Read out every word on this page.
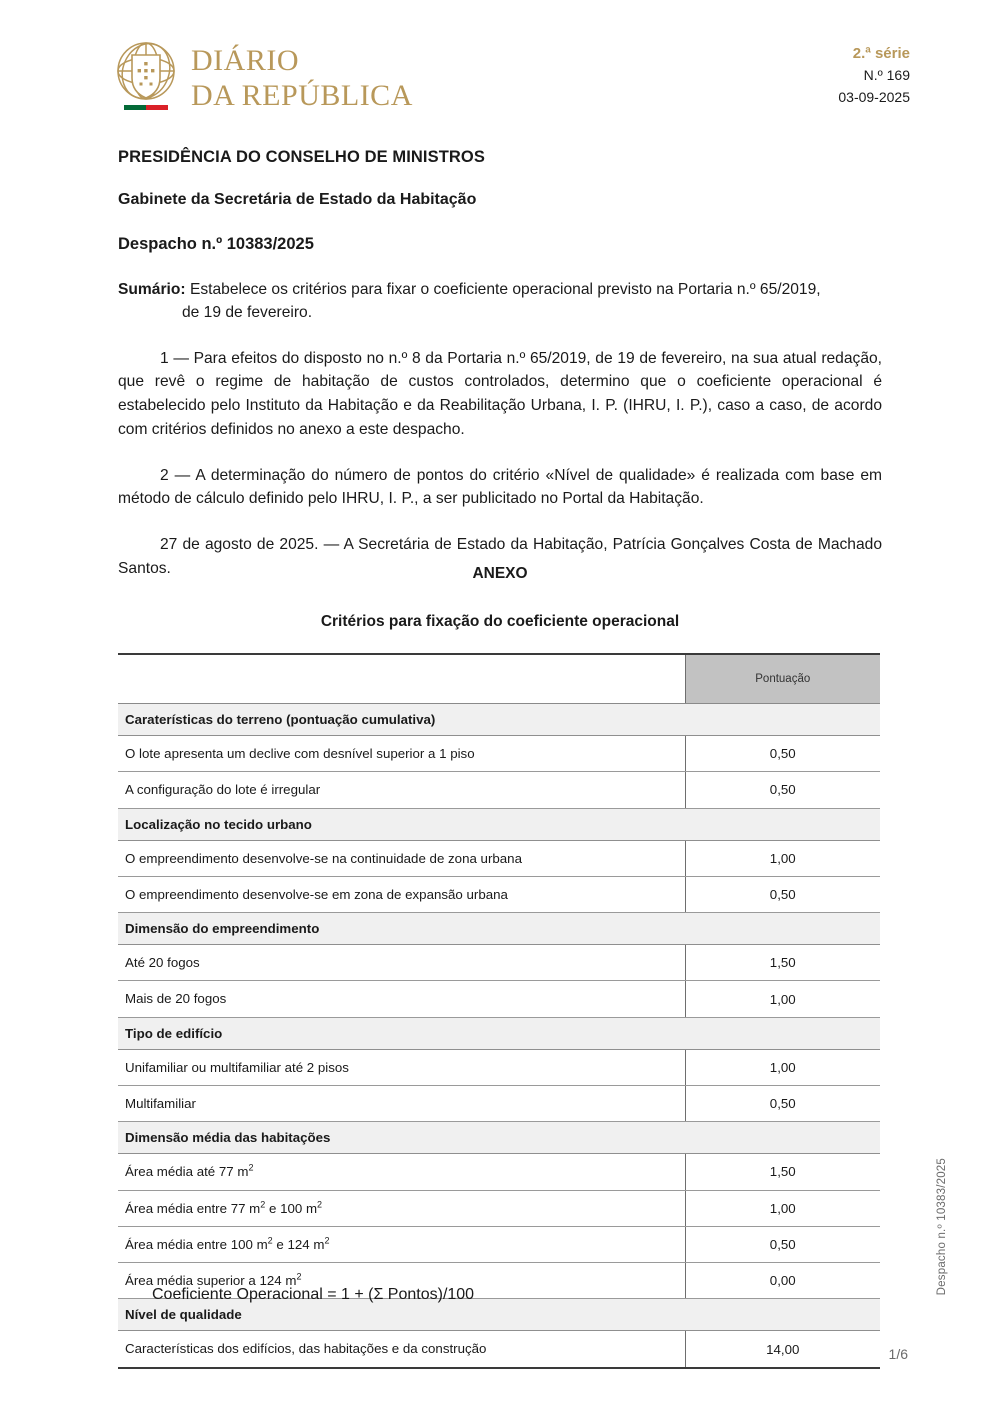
DIÁRIO
DA REPÚBLICA
2.ª série
N.º 169
03-09-2025
PRESIDÊNCIA DO CONSELHO DE MINISTROS
Gabinete da Secretária de Estado da Habitação
Despacho n.º 10383/2025
Sumário: Estabelece os critérios para fixar o coeficiente operacional previsto na Portaria n.º 65/2019,
de 19 de fevereiro.

1 — Para efeitos do disposto no n.º 8 da Portaria n.º 65/2019, de 19 de fevereiro, na sua atual redação, que revê o regime de habitação de custos controlados, determino que o coeficiente operacional é estabelecido pelo Instituto da Habitação e da Reabilitação Urbana, I. P. (IHRU, I. P.), caso a caso, de acordo com critérios definidos no anexo a este despacho.

2 — A determinação do número de pontos do critério «Nível de qualidade» é realizada com base em método de cálculo definido pelo IHRU, I. P., a ser publicitado no Portal da Habitação.

27 de agosto de 2025. — A Secretária de Estado da Habitação, Patrícia Gonçalves Costa de Machado Santos.	ANEXO
Critérios para fixação do coeficiente operacional
	Pontuação
Caraterísticas do terreno (pontuação cumulativa)	
O lote apresenta um declive com desnível superior a 1 piso	0,50
A configuração do lote é irregular	0,50
Localização no tecido urbano	
O empreendimento desenvolve-se na continuidade de zona urbana	1,00
O empreendimento desenvolve-se em zona de expansão urbana	0,50
Dimensão do empreendimento	
Até 20 fogos	1,50
Mais de 20 fogos	1,00
Tipo de edifício	
Unifamiliar ou multifamiliar até 2 pisos	1,00
Multifamiliar	0,50
Dimensão média das habitações	
Área média até 77 $m^2$	1,50
Área média entre 77 $m^2$ e 100 $m^2$	1,00
Área média entre 100 $m^2$ e 124 $m^2$	0,50
Área média superior a 124 $m^2$	0,00
Nível de qualidade	
Características dos edifícios, das habitações e da construção	14,00
Coeficiente Operacional = 1 + (Σ Pontos)/100	Despacho n.º 10383/2025
1/6
